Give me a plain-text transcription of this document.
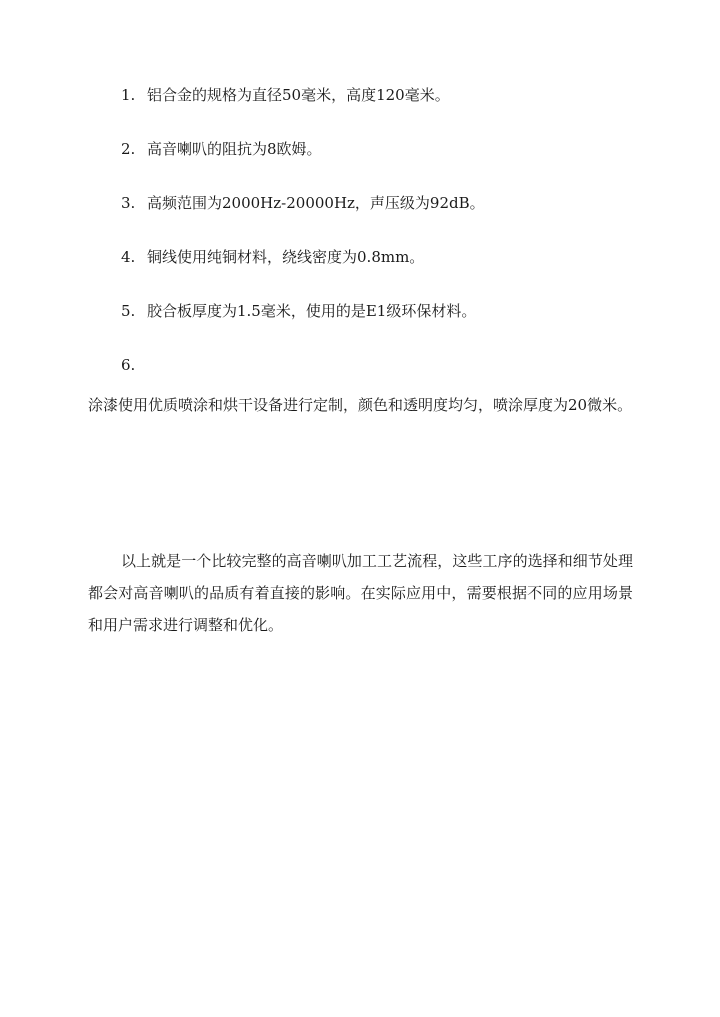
1. 铝合金的规格为直径50毫米，高度120毫米。
2. 高音喇叭的阻抗为8欧姆。
3. 高频范围为2000Hz-20000Hz，声压级为92dB。
4. 铜线使用纯铜材料，绕线密度为0.8mm。
5. 胶合板厚度为1.5毫米，使用的是E1级环保材料。
6.
涂漆使用优质喷涂和烘干设备进行定制，颜色和透明度均匀，喷涂厚度为20微米。

以上就是一个比较完整的高音喇叭加工工艺流程，这些工序的选择和细节处理都会对高音喇叭的品质有着直接的影响。在实际应用中，需要根据不同的应用场景和用户需求进行调整和优化。
